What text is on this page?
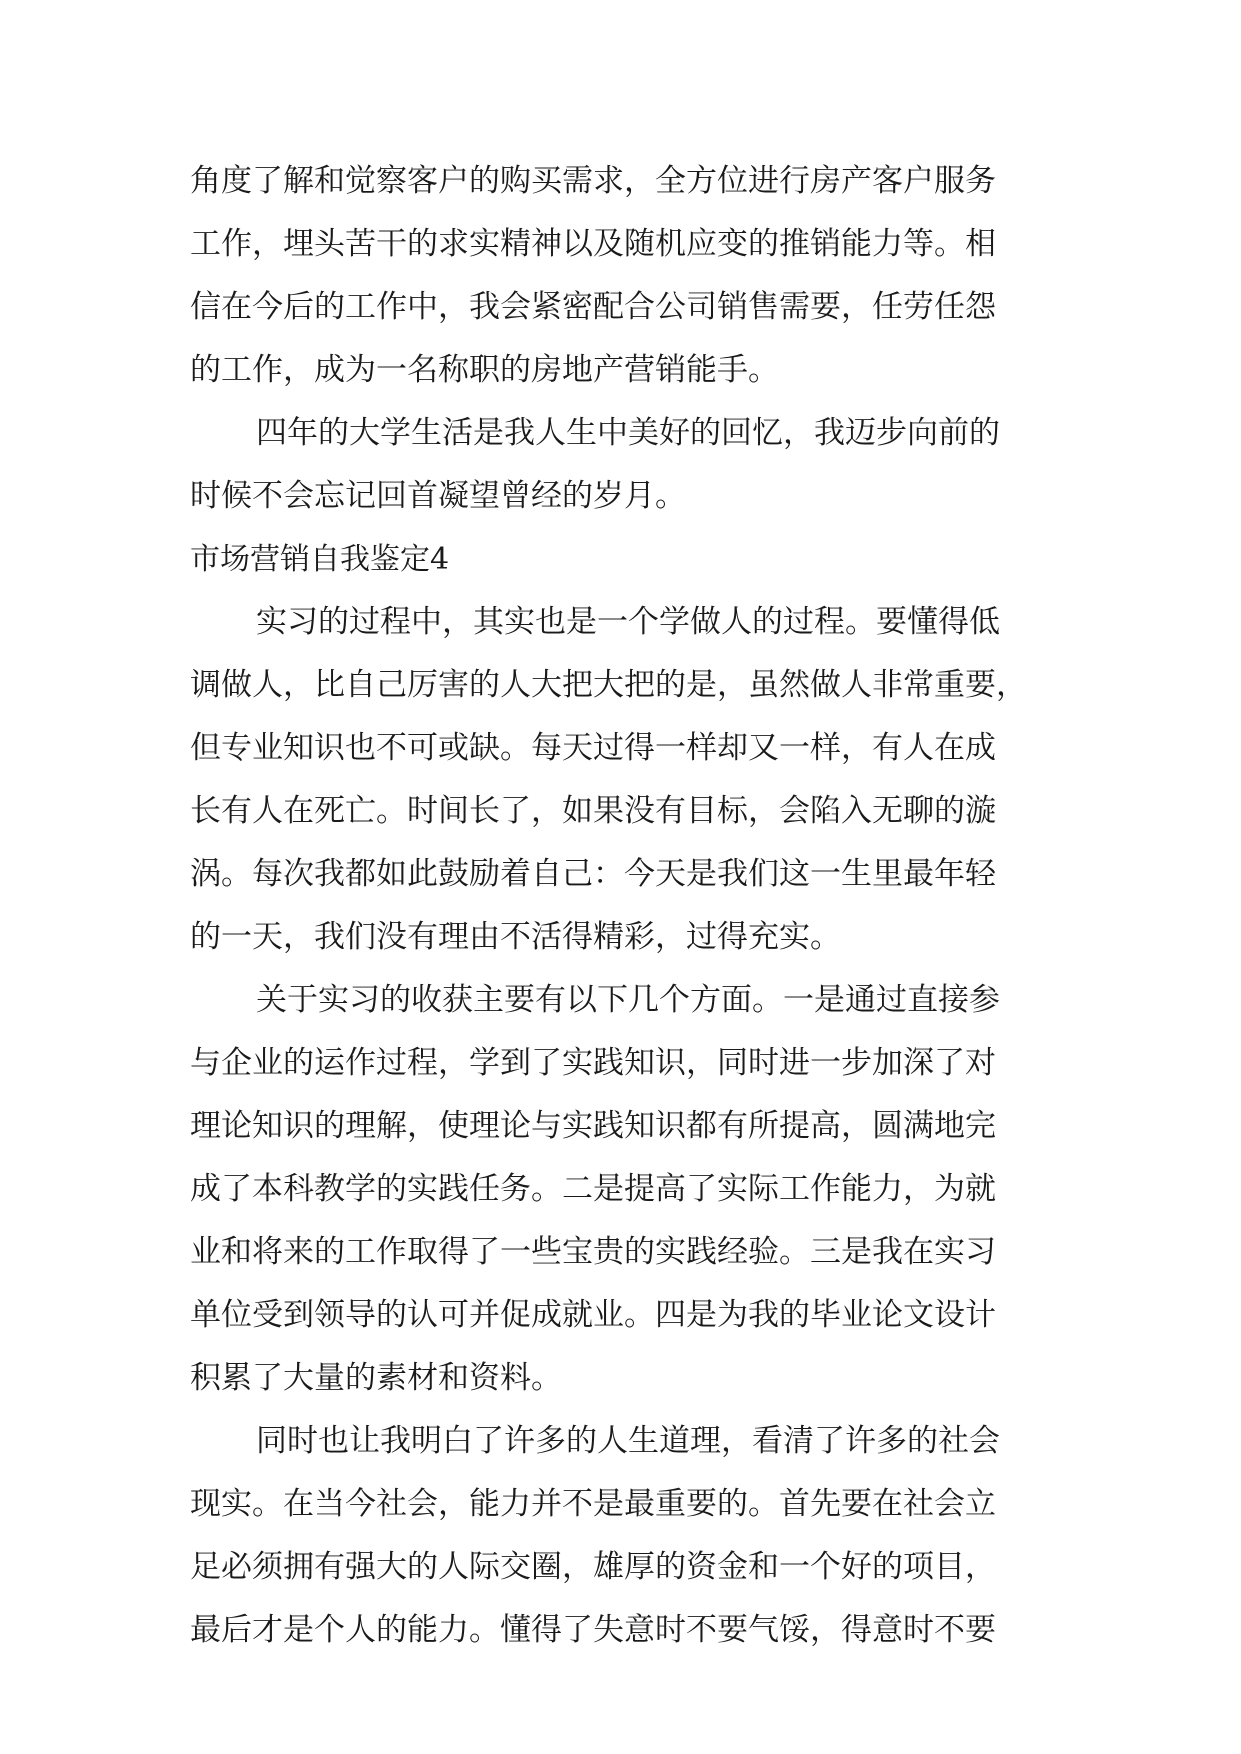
角度了解和觉察客户的购买需求，全方位进行房产客户服务
工作，埋头苦干的求实精神以及随机应变的推销能力等。相
信在今后的工作中，我会紧密配合公司销售需要，任劳任怨
的工作，成为一名称职的房地产营销能手。
四年的大学生活是我人生中美好的回忆，我迈步向前的
时候不会忘记回首凝望曾经的岁月。
市场营销自我鉴定4
实习的过程中，其实也是一个学做人的过程。要懂得低
调做人，比自己厉害的人大把大把的是，虽然做人非常重要，
但专业知识也不可或缺。每天过得一样却又一样，有人在成
长有人在死亡。时间长了，如果没有目标，会陷入无聊的漩
涡。每次我都如此鼓励着自己：今天是我们这一生里最年轻
的一天，我们没有理由不活得精彩，过得充实。
关于实习的收获主要有以下几个方面。一是通过直接参
与企业的运作过程，学到了实践知识，同时进一步加深了对
理论知识的理解，使理论与实践知识都有所提高，圆满地完
成了本科教学的实践任务。二是提高了实际工作能力，为就
业和将来的工作取得了一些宝贵的实践经验。三是我在实习
单位受到领导的认可并促成就业。四是为我的毕业论文设计
积累了大量的素材和资料。
同时也让我明白了许多的人生道理，看清了许多的社会
现实。在当今社会，能力并不是最重要的。首先要在社会立
足必须拥有强大的人际交圈，雄厚的资金和一个好的项目，
最后才是个人的能力。懂得了失意时不要气馁，得意时不要
